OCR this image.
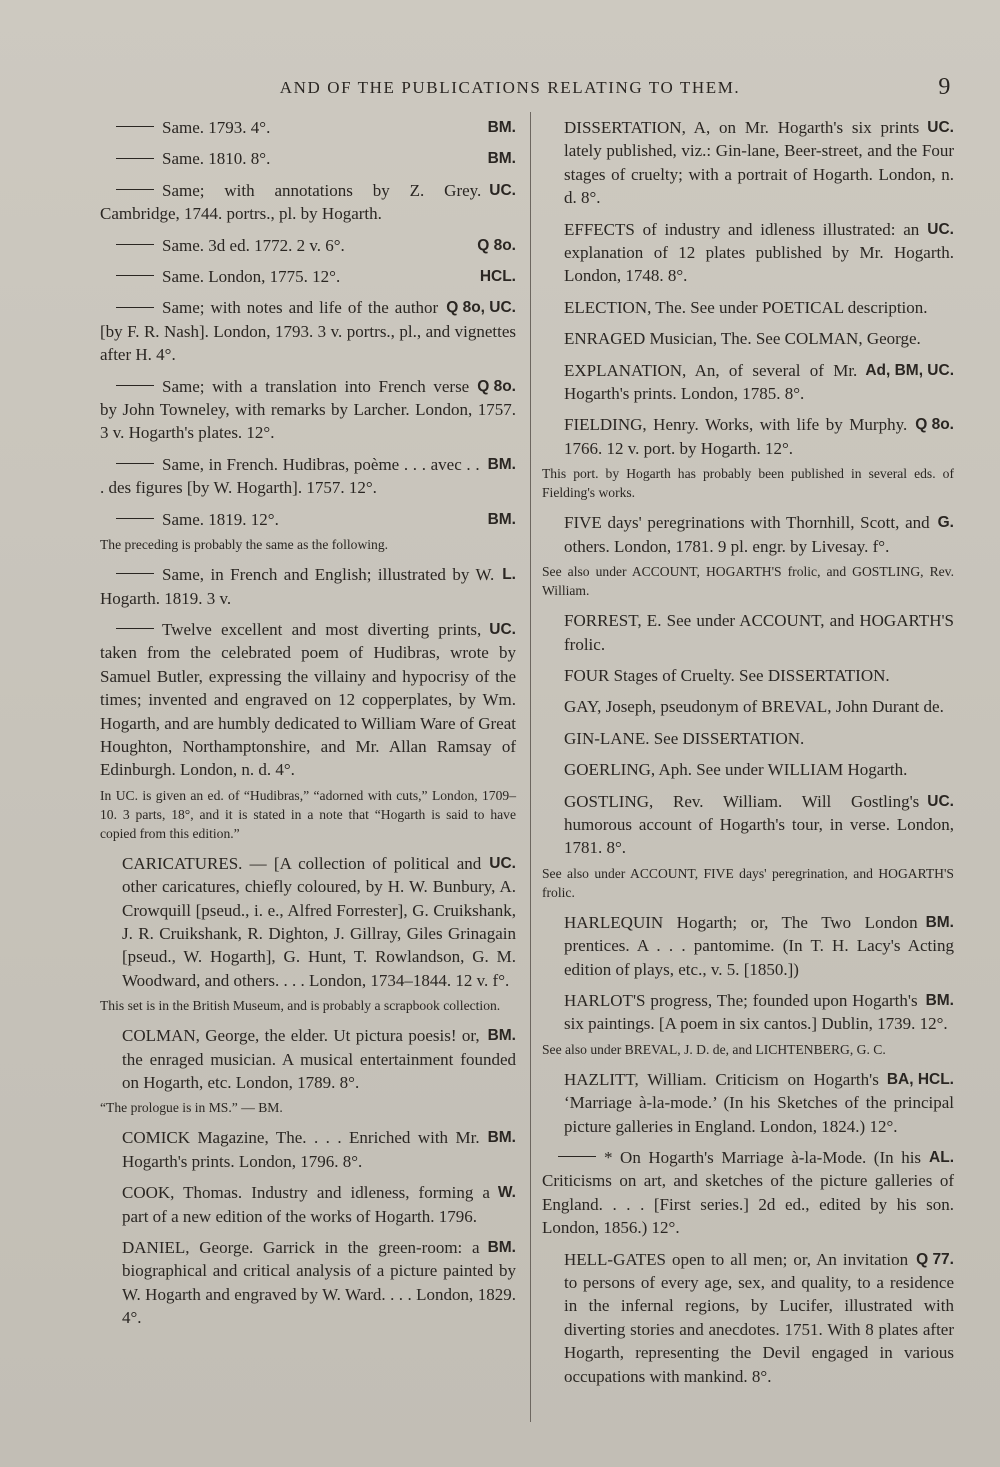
AND OF THE PUBLICATIONS RELATING TO THEM.	9

BM.
Same. 1793. 4°.

BM.
Same. 1810. 8°.

UC.
Same; with annotations by Z. Grey. Cambridge, 1744. portrs., pl. by Hogarth.

Q 8o.
Same. 3d ed. 1772. 2 v. 6°.

HCL.
Same. London, 1775. 12°.

Q 8o, UC.
Same; with notes and life of the author [by F. R. Nash]. London, 1793. 3 v. portrs., pl., and vignettes after H. 4°.

Q 8o.
Same; with a translation into French verse by John Towneley, with remarks by Larcher. London, 1757. 3 v. Hogarth's plates. 12°.

BM.
Same, in French. Hudibras, poème . . . avec . . . des figures [by W. Hogarth]. 1757. 12°.

BM.
Same. 1819. 12°.

The preceding is probably the same as the following.

L.
Same, in French and English; illustrated by W. Hogarth. 1819. 3 v.

UC.
Twelve excellent and most diverting prints, taken from the celebrated poem of Hudibras, wrote by Samuel Butler, expressing the villainy and hypocrisy of the times; invented and engraved on 12 copperplates, by Wm. Hogarth, and are humbly dedicated to William Ware of Great Houghton, Northamptonshire, and Mr. Allan Ramsay of Edinburgh. London, n. d. 4°.

In UC. is given an ed. of “Hudibras,” “adorned with cuts,” London, 1709–10. 3 parts, 18°, and it is stated in a note that “Hogarth is said to have copied from this edition.”

UC.
CARICATURES. — [A collection of political and other caricatures, chiefly coloured, by H. W. Bunbury, A. Crowquill [pseud., i. e., Alfred Forrester], G. Cruikshank, J. R. Cruikshank, R. Dighton, J. Gillray, Giles Grinagain [pseud., W. Hogarth], G. Hunt, T. Rowlandson, G. M. Woodward, and others. . . . London, 1734–1844. 12 v. f°.

This set is in the British Museum, and is probably a scrapbook collection.

BM.
COLMAN, George, the elder. Ut pictura poesis! or, the enraged musician. A musical entertainment founded on Hogarth, etc. London, 1789. 8°.

“The prologue is in MS.” — BM.

BM.
COMICK Magazine, The. . . . Enriched with Mr. Hogarth's prints. London, 1796. 8°.

W.
COOK, Thomas. Industry and idleness, forming a part of a new edition of the works of Hogarth. 1796.

BM.
DANIEL, George. Garrick in the green-room: a biographical and critical analysis of a picture painted by W. Hogarth and engraved by W. Ward. . . . London, 1829. 4°.

UC.
DISSERTATION, A, on Mr. Hogarth's six prints lately published, viz.: Gin-lane, Beer-street, and the Four stages of cruelty; with a portrait of Hogarth. London, n. d. 8°.

UC.
EFFECTS of industry and idleness illustrated: an explanation of 12 plates published by Mr. Hogarth. London, 1748. 8°.

ELECTION, The. See under POETICAL description.

ENRAGED Musician, The. See COLMAN, George.

Ad, BM, UC.
EXPLANATION, An, of several of Mr. Hogarth's prints. London, 1785. 8°.

Q 8o.
FIELDING, Henry. Works, with life by Murphy. 1766. 12 v. port. by Hogarth. 12°.

This port. by Hogarth has probably been published in several eds. of Fielding's works.

G.
FIVE days' peregrinations with Thornhill, Scott, and others. London, 1781. 9 pl. engr. by Livesay. f°.

See also under ACCOUNT, HOGARTH'S frolic, and GOSTLING, Rev. William.

FORREST, E. See under ACCOUNT, and HOGARTH'S frolic.

FOUR Stages of Cruelty. See DISSERTATION.

GAY, Joseph, pseudonym of BREVAL, John Durant de.

GIN-LANE. See DISSERTATION.

GOERLING, Aph. See under WILLIAM Hogarth.

UC.
GOSTLING, Rev. William. Will Gostling's humorous account of Hogarth's tour, in verse. London, 1781. 8°.

See also under ACCOUNT, FIVE days' peregrination, and HOGARTH'S frolic.

BM.
HARLEQUIN Hogarth; or, The Two London prentices. A . . . pantomime. (In T. H. Lacy's Acting edition of plays, etc., v. 5. [1850.])

BM.
HARLOT'S progress, The; founded upon Hogarth's six paintings. [A poem in six cantos.] Dublin, 1739. 12°.

See also under BREVAL, J. D. de, and LICHTENBERG, G. C.

BA, HCL.
HAZLITT, William. Criticism on Hogarth's ‘Marriage à-la-mode.’ (In his Sketches of the principal picture galleries in England. London, 1824.) 12°.

AL.
* On Hogarth's Marriage à-la-Mode. (In his Criticisms on art, and sketches of the picture galleries of England. . . . [First series.] 2d ed., edited by his son. London, 1856.) 12°.

Q 77.
HELL-GATES open to all men; or, An invitation to persons of every age, sex, and quality, to a residence in the infernal regions, by Lucifer, illustrated with diverting stories and anecdotes. 1751. With 8 plates after Hogarth, representing the Devil engaged in various occupations with mankind. 8°.
